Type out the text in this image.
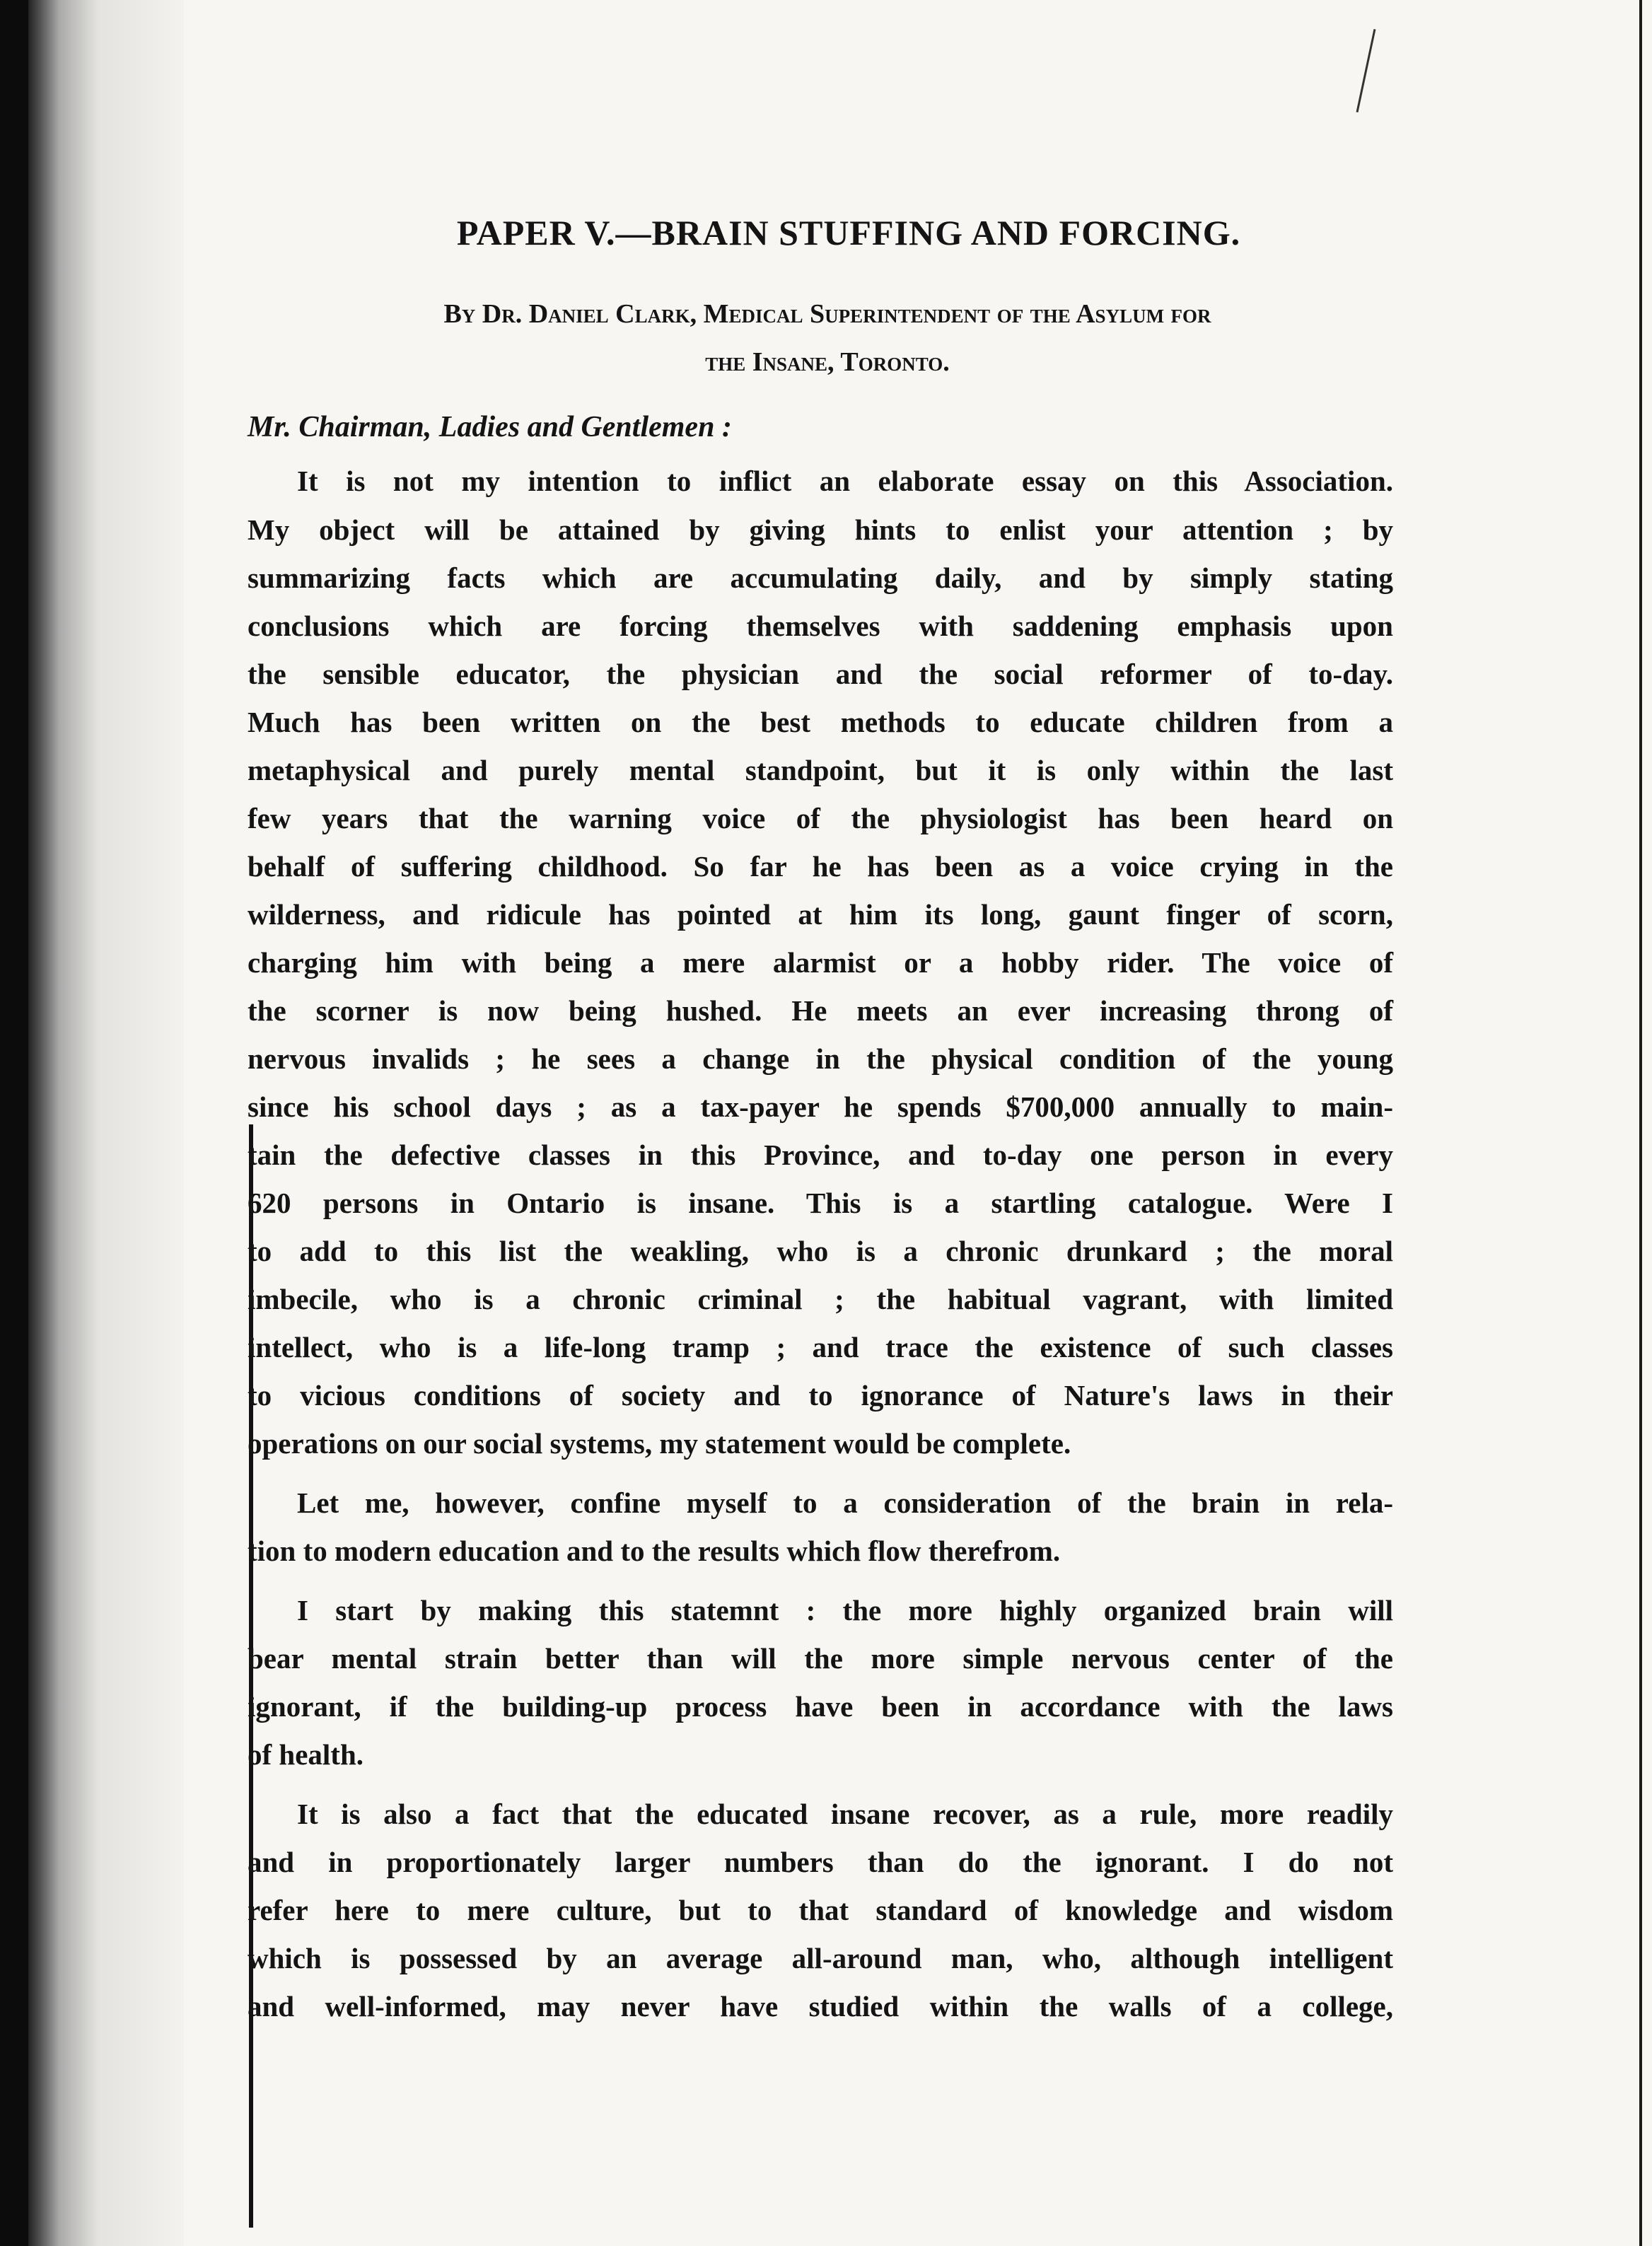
PAPER V.—BRAIN STUFFING AND FORCING.
By Dr. Daniel Clark, Medical Superintendent of the Asylum for
the Insane, Toronto.
Mr. Chairman, Ladies and Gentlemen :
It is not my intention to inflict an elaborate essay on this Association.
My object will be attained by giving hints to enlist your attention ; by
summarizing facts which are accumulating daily, and by simply stating
conclusions which are forcing themselves with saddening emphasis upon
the sensible educator, the physician and the social reformer of to-day.
Much has been written on the best methods to educate children from a
metaphysical and purely mental standpoint, but it is only within the last
few years that the warning voice of the physiologist has been heard on
behalf of suffering childhood. So far he has been as a voice crying in the
wilderness, and ridicule has pointed at him its long, gaunt finger of scorn,
charging him with being a mere alarmist or a hobby rider. The voice of
the scorner is now being hushed. He meets an ever increasing throng of
nervous invalids ; he sees a change in the physical condition of the young
since his school days ; as a tax-payer he spends $700,000 annually to main-
tain the defective classes in this Province, and to-day one person in every
620 persons in Ontario is insane. This is a startling catalogue. Were I
to add to this list the weakling, who is a chronic drunkard ; the moral
imbecile, who is a chronic criminal ; the habitual vagrant, with limited
intellect, who is a life-long tramp ; and trace the existence of such classes
to vicious conditions of society and to ignorance of Nature's laws in their
operations on our social systems, my statement would be complete.
Let me, however, confine myself to a consideration of the brain in rela-
tion to modern education and to the results which flow therefrom.
I start by making this statemnt : the more highly organized brain will
bear mental strain better than will the more simple nervous center of the
ignorant, if the building-up process have been in accordance with the laws
of health.
It is also a fact that the educated insane recover, as a rule, more readily
and in proportionately larger numbers than do the ignorant. I do not
refer here to mere culture, but to that standard of knowledge and wisdom
which is possessed by an average all-around man, who, although intelligent
and well-informed, may never have studied within the walls of a college,
